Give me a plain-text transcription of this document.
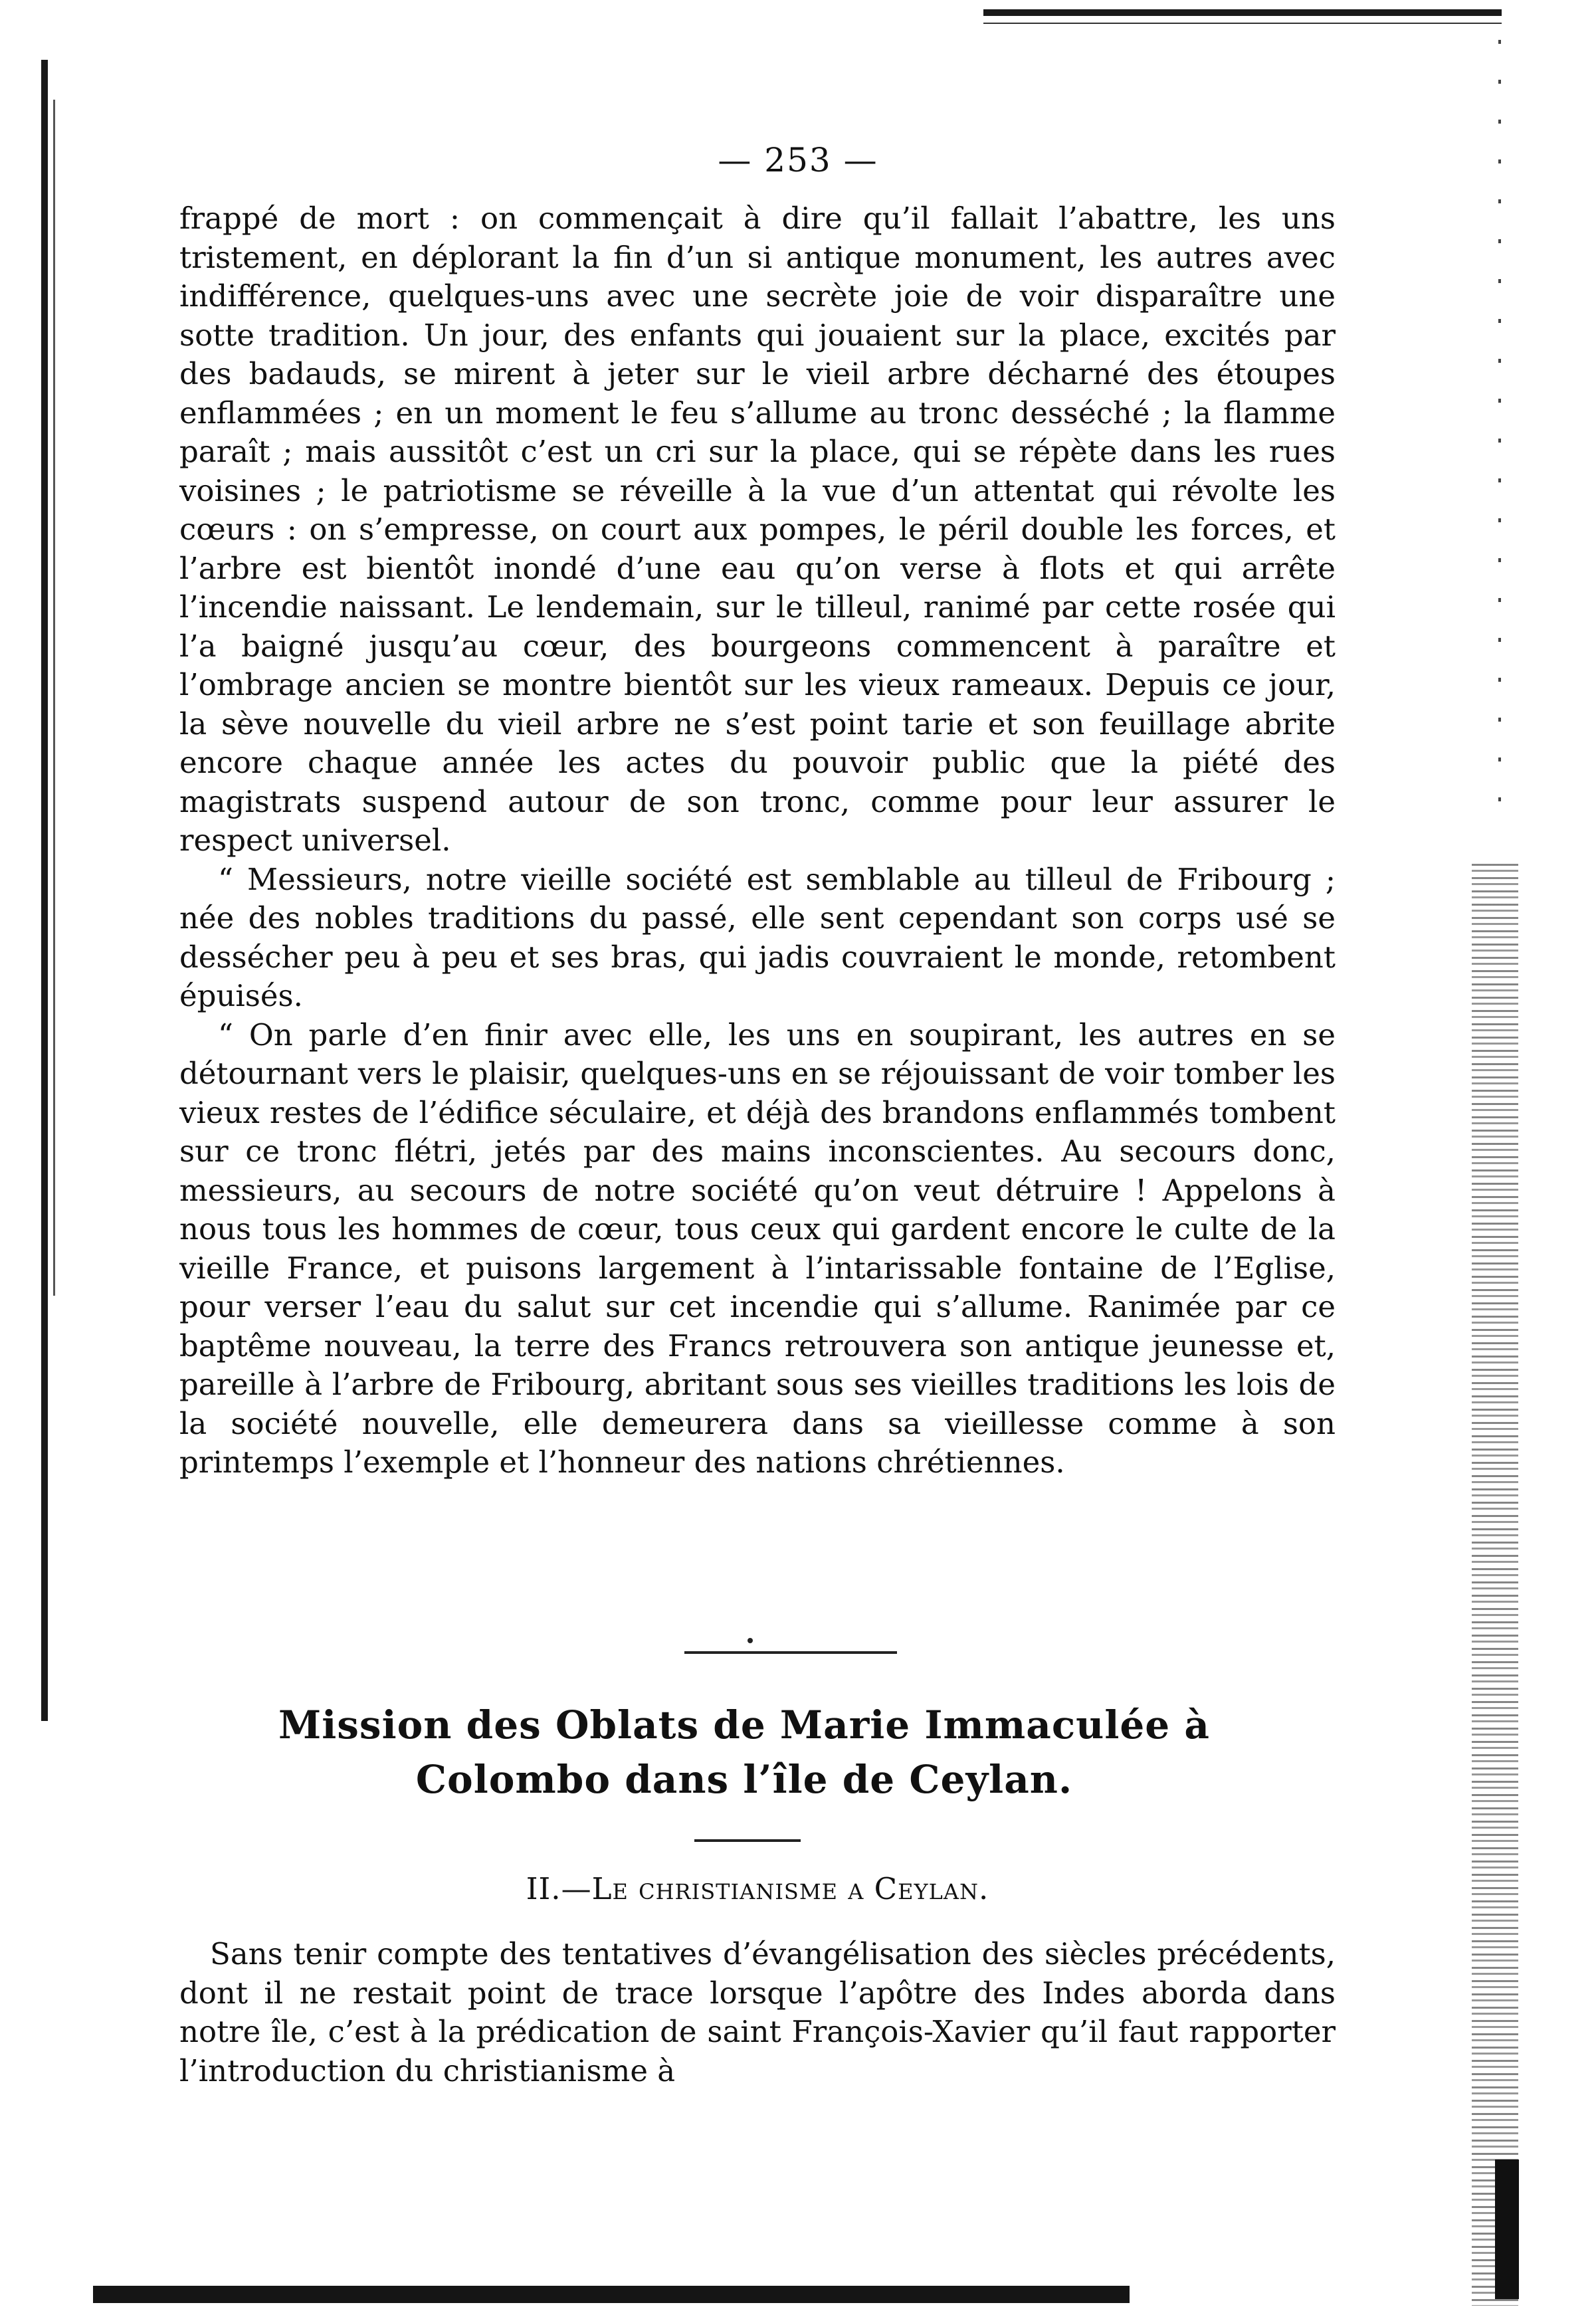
— 253 —

frappé de mort : on commençait à dire qu’il fallait l’abattre, les uns tristement, en déplorant la fin d’un si antique monument, les autres avec indifférence, quelques-uns avec une secrète joie de voir disparaître une sotte tradition. Un jour, des enfants qui jouaient sur la place, excités par des badauds, se mirent à jeter sur le vieil arbre décharné des étoupes enflammées ; en un moment le feu s’allume au tronc desséché ; la flamme paraît ; mais aussitôt c’est un cri sur la place, qui se répète dans les rues voisines ; le patriotisme se réveille à la vue d’un attentat qui révolte les cœurs : on s’empresse, on court aux pompes, le péril double les forces, et l’arbre est bientôt inondé d’une eau qu’on verse à flots et qui arrête l’incendie naissant. Le lendemain, sur le tilleul, ranimé par cette rosée qui l’a baigné jusqu’au cœur, des bourgeons commencent à paraître et l’ombrage ancien se montre bientôt sur les vieux rameaux. Depuis ce jour, la sève nouvelle du vieil arbre ne s’est point tarie et son feuillage abrite encore chaque année les actes du pouvoir public que la piété des magistrats suspend autour de son tronc, comme pour leur assurer le respect universel.

“ Messieurs, notre vieille société est semblable au tilleul de Fribourg ; née des nobles traditions du passé, elle sent cependant son corps usé se dessécher peu à peu et ses bras, qui jadis couvraient le monde, retombent épuisés.

“ On parle d’en finir avec elle, les uns en soupirant, les autres en se détournant vers le plaisir, quelques-uns en se réjouissant de voir tomber les vieux restes de l’édifice séculaire, et déjà des brandons enflammés tombent sur ce tronc flétri, jetés par des mains inconscientes. Au secours donc, messieurs, au secours de notre société qu’on veut détruire ! Appelons à nous tous les hommes de cœur, tous ceux qui gardent encore le culte de la vieille France, et puisons largement à l’intarissable fontaine de l’Eglise, pour verser l’eau du salut sur cet incendie qui s’allume. Ranimée par ce baptême nouveau, la terre des Francs retrouvera son antique jeunesse et, pareille à l’arbre de Fribourg, abritant sous ses vieilles traditions les lois de la société nouvelle, elle demeurera dans sa vieillesse comme à son printemps l’exemple et l’honneur des nations chrétiennes.

Mission des Oblats de Marie Immaculée à
Colombo dans l’île de Ceylan.
II.—Le christianisme a Ceylan.

Sans tenir compte des tentatives d’évangélisation des siècles précédents, dont il ne restait point de trace lorsque l’apôtre des Indes aborda dans notre île, c’est à la prédication de saint François-Xavier qu’il faut rapporter l’introduction du christianisme à
